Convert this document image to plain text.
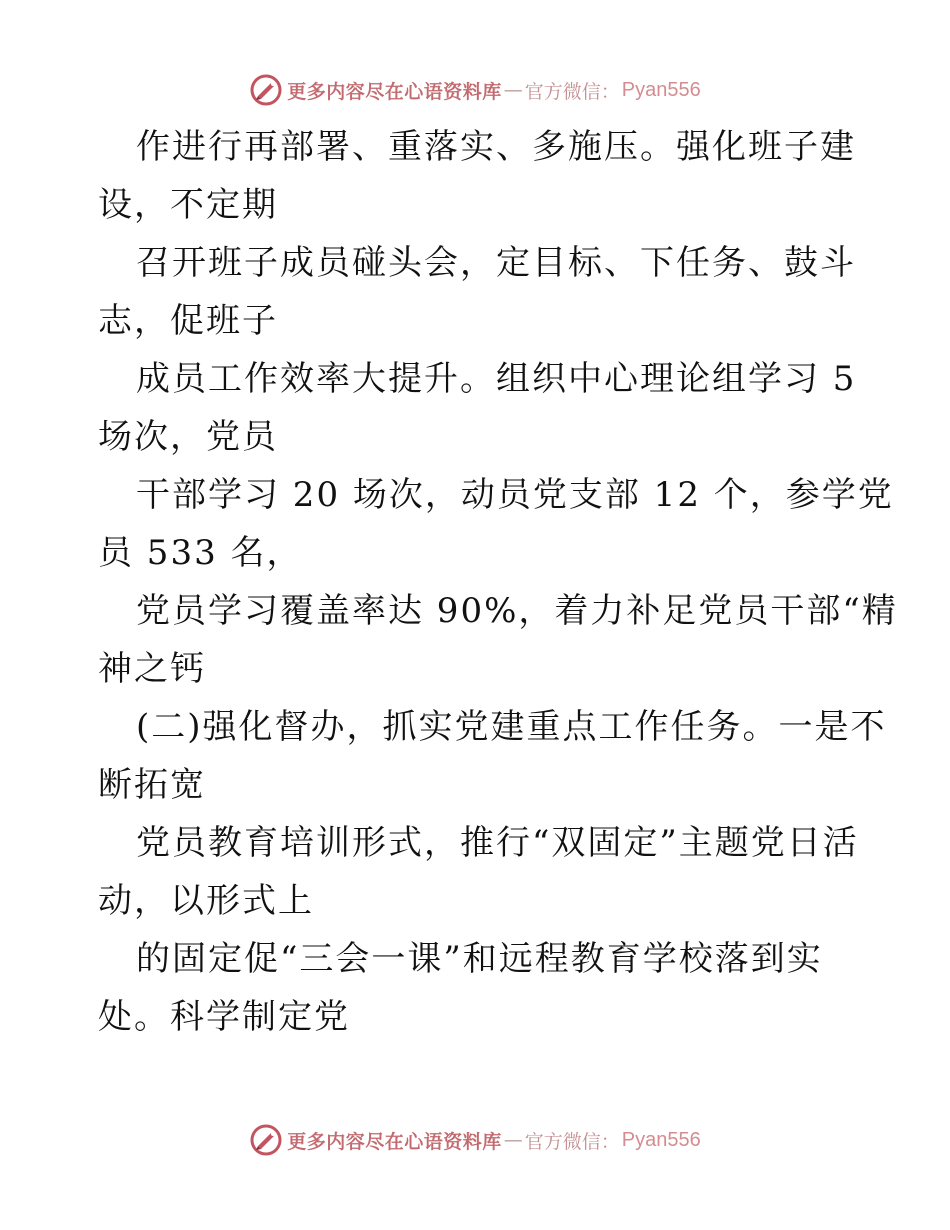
更多内容尽在心语资料库 — 官方微信： Pyan556
作进行再部署、重落实、多施压。强化班子建
设，不定期
召开班子成员碰头会，定目标、下任务、鼓斗
志，促班子
成员工作效率大提升。组织中心理论组学习 5
场次，党员
干部学习 20 场次，动员党支部 12 个，参学党
员 533 名，
党员学习覆盖率达 90%，着力补足党员干部“精
神之钙
(二)强化督办，抓实党建重点工作任务。一是不
断拓宽
党员教育培训形式，推行“双固定”主题党日活
动，以形式上
的固定促“三会一课”和远程教育学校落到实
处。科学制定党
更多内容尽在心语资料库 — 官方微信： Pyan556
